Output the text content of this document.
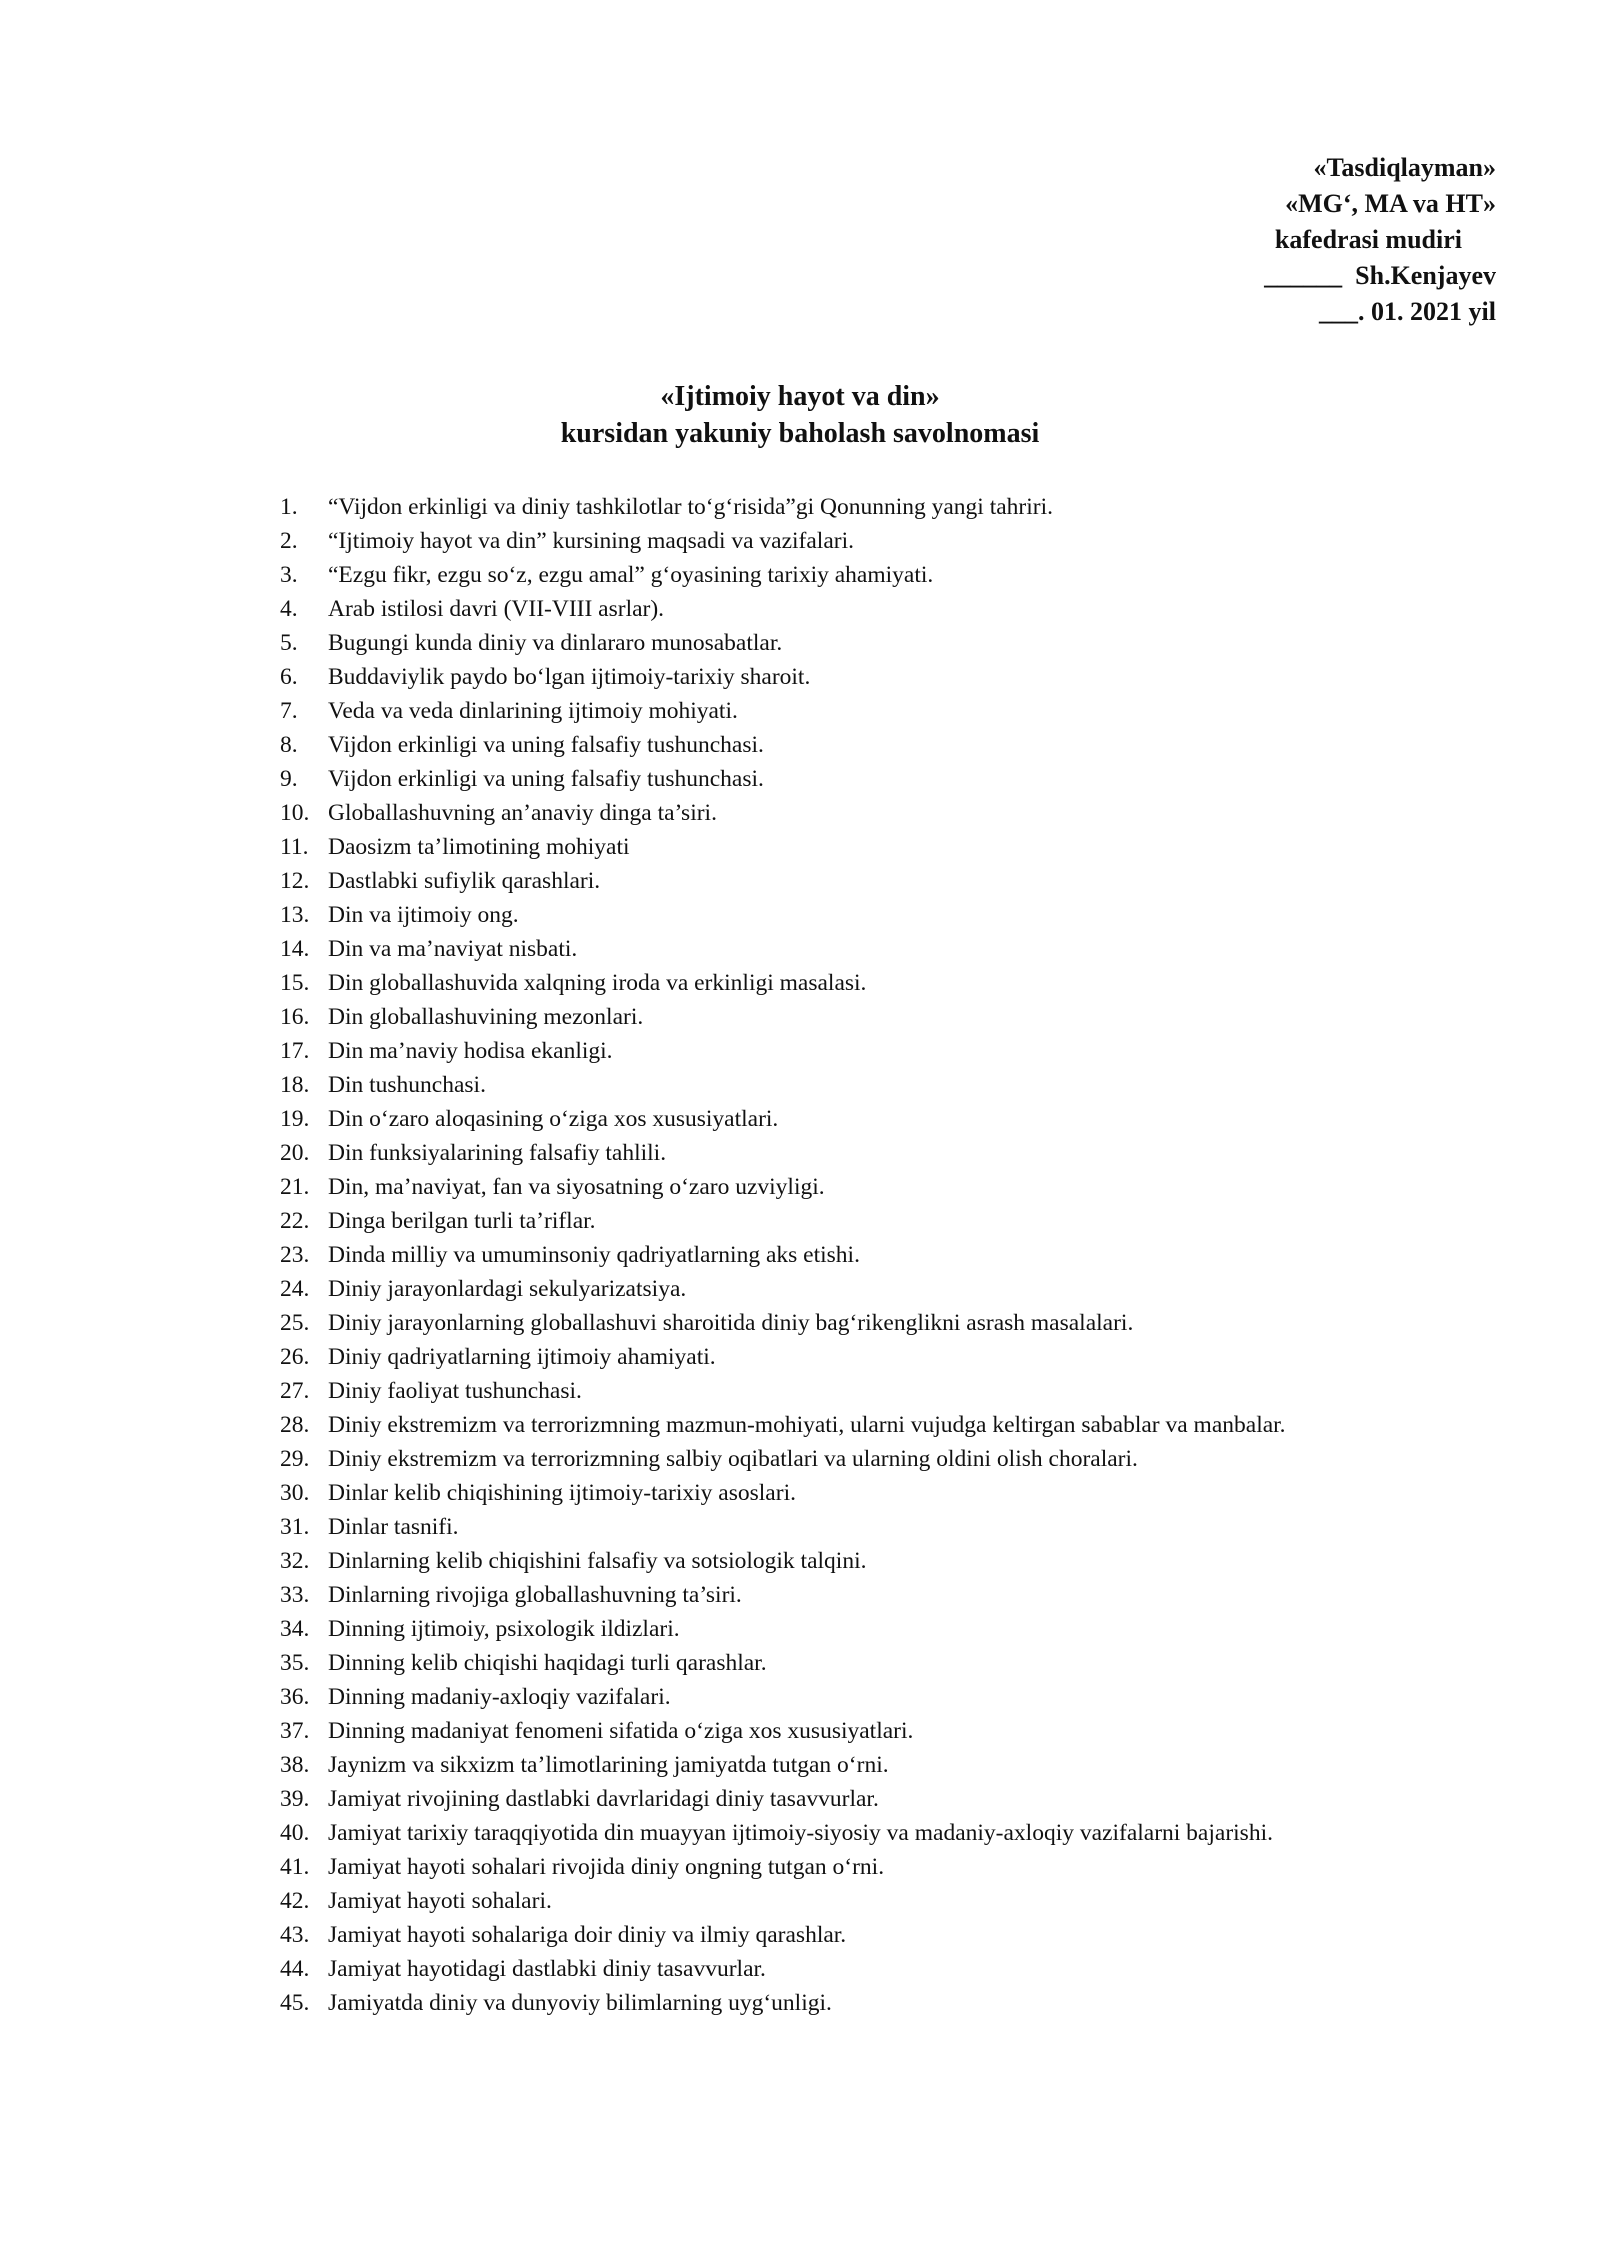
«Tasdiqlayman»
«MG‘, MA va HT»
kafedrasi mudiri
______  Sh.Kenjayev
___. 01. 2021 yil
«Ijtimoiy hayot va din»
kursidan yakuniy baholash savolnomasi
1.	“Vijdon erkinligi va diniy tashkilotlar to‘g‘risida”gi Qonunning yangi tahriri.
2.	“Ijtimoiy hayot va din” kursining maqsadi va vazifalari.
3.	“Ezgu fikr, ezgu so‘z, ezgu amal” g‘oyasining tarixiy ahamiyati.
4.	Arab istilosi davri (VII-VIII asrlar).
5.	Bugungi kunda diniy va dinlararo munosabatlar.
6.	Buddaviylik paydo bo‘lgan ijtimoiy-tarixiy sharoit.
7.	Veda va veda dinlarining ijtimoiy mohiyati.
8.	Vijdon erkinligi va uning falsafiy tushunchasi.
9.	Vijdon erkinligi va uning falsafiy tushunchasi.
10. Globallashuvning an’anaviy dinga ta’siri.
11. Daosizm ta’limotining mohiyati
12. Dastlabki sufiylik qarashlari.
13. Din va ijtimoiy ong.
14. Din va ma’naviyat nisbati.
15. Din globallashuvida xalqning iroda va erkinligi masalasi.
16. Din globallashuvining mezonlari.
17. Din ma’naviy hodisa ekanligi.
18. Din tushunchasi.
19. Din o‘zaro aloqasining o‘ziga xos xususiyatlari.
20. Din funksiyalarining falsafiy tahlili.
21. Din, ma’naviyat, fan va siyosatning o‘zaro uzviyligi.
22. Dinga berilgan turli ta’riflar.
23. Dinda milliy va umuminsoniy qadriyatlarning aks etishi.
24. Diniy jarayonlardagi sekulyarizatsiya.
25. Diniy jarayonlarning globallashuvi sharoitida diniy bag‘rikenglikni asrash masalalari.
26. Diniy qadriyatlarning ijtimoiy ahamiyati.
27. Diniy faoliyat tushunchasi.
28. Diniy ekstremizm va terrorizmning mazmun-mohiyati, ularni vujudga keltirgan sabablar va manbalar.
29. Diniy ekstremizm va terrorizmning salbiy oqibatlari va ularning oldini olish choralari.
30. Dinlar kelib chiqishining ijtimoiy-tarixiy asoslari.
31. Dinlar tasnifi.
32. Dinlarning kelib chiqishini falsafiy va sotsiologik talqini.
33. Dinlarning rivojiga globallashuvning ta’siri.
34. Dinning ijtimoiy, psixologik ildizlari.
35. Dinning kelib chiqishi haqidagi turli qarashlar.
36. Dinning madaniy-axloqiy vazifalari.
37. Dinning madaniyat fenomeni sifatida o‘ziga xos xususiyatlari.
38. Jaynizm va sikxizm ta’limotlarining jamiyatda tutgan o‘rni.
39. Jamiyat rivojining dastlabki davrlaridagi diniy tasavvurlar.
40. Jamiyat tarixiy taraqqiyotida din muayyan ijtimoiy-siyosiy va madaniy-axloqiy vazifalarni bajarishi.
41. Jamiyat hayoti sohalari rivojida diniy ongning tutgan o‘rni.
42. Jamiyat hayoti sohalari.
43. Jamiyat hayoti sohalariga doir diniy va ilmiy qarashlar.
44. Jamiyat hayotidagi dastlabki diniy tasavvurlar.
45. Jamiyatda diniy va dunyoviy bilimlarning uyg‘unligi.
